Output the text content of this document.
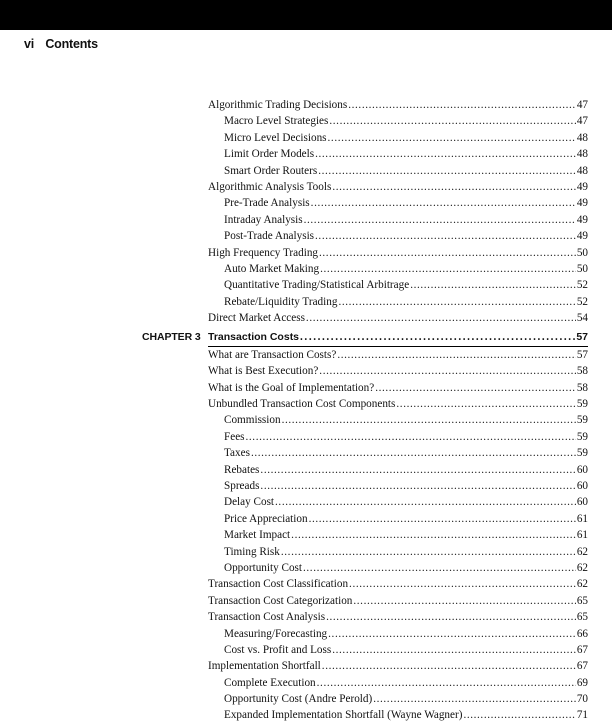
vi Contents
Algorithmic Trading Decisions .....	47
Macro Level Strategies .....	47
Micro Level Decisions .....	48
Limit Order Models .....	48
Smart Order Routers .....	48
Algorithmic Analysis Tools .....	49
Pre-Trade Analysis .....	49
Intraday Analysis .....	49
Post-Trade Analysis .....	49
High Frequency Trading .....	50
Auto Market Making .....	50
Quantitative Trading/Statistical Arbitrage .....	52
Rebate/Liquidity Trading .....	52
Direct Market Access .....	54
CHAPTER 3 Transaction Costs .....	57
What are Transaction Costs? .....	57
What is Best Execution? .....	58
What is the Goal of Implementation? .....	58
Unbundled Transaction Cost Components .....	59
Commission .....	59
Fees .....	59
Taxes .....	59
Rebates .....	60
Spreads .....	60
Delay Cost .....	60
Price Appreciation .....	61
Market Impact .....	61
Timing Risk .....	62
Opportunity Cost .....	62
Transaction Cost Classification .....	62
Transaction Cost Categorization .....	65
Transaction Cost Analysis .....	65
Measuring/Forecasting .....	66
Cost vs. Profit and Loss .....	67
Implementation Shortfall .....	67
Complete Execution .....	69
Opportunity Cost (Andre Perold) .....	70
Expanded Implementation Shortfall (Wayne Wagner) .....	71
